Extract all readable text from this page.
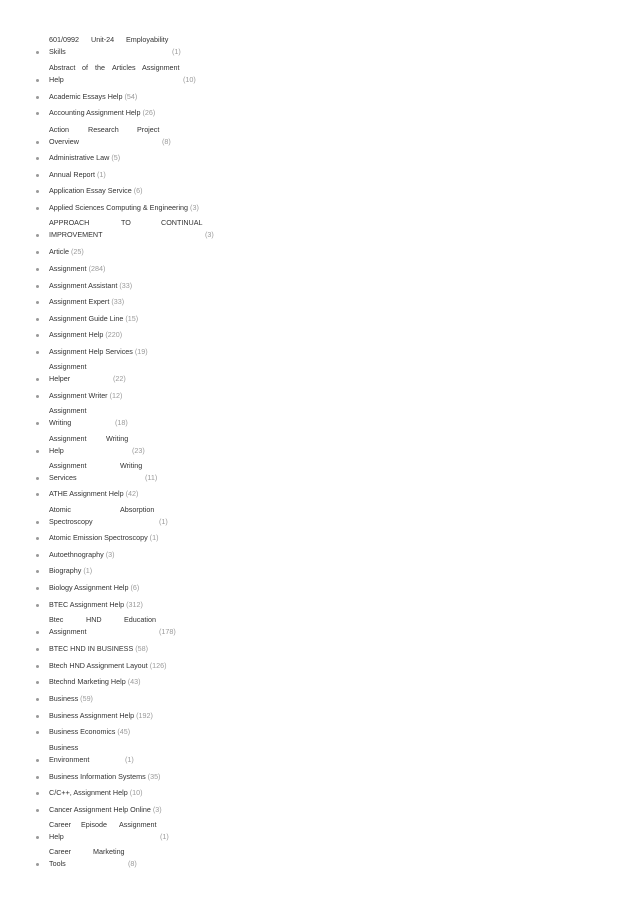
601/0992 Unit-24 Employability
Skills	(1)
Abstract of the Articles Assignment
Help	(10)
Academic Essays Help (54)
Accounting Assignment Help (26)
Action	Research	Project
Overview	(8)
Administrative Law (5)
Annual Report (1)
Application Essay Service (6)
Applied Sciences Computing & Engineering (3)
APPROACH	TO	CONTINUAL
IMPROVEMENT	(3)
Article (25)
Assignment (284)
Assignment Assistant (33)
Assignment Expert (33)
Assignment Guide Line (15)
Assignment Help (220)
Assignment Help Services (19)
Assignment
Helper	(22)
Assignment Writer (12)
Assignment
Writing	(18)
Assignment	Writing
Help	(23)
Assignment	Writing
Services	(11)
ATHE Assignment Help (42)
Atomic	Absorption
Spectroscopy	(1)
Atomic Emission Spectroscopy (1)
Autoethnography (3)
Biography (1)
Biology Assignment Help (6)
BTEC Assignment Help (312)
Btec	HND	Education
Assignment	(178)
BTEC HND IN BUSINESS (58)
Btech HND Assignment Layout (126)
Btechnd Marketing Help (43)
Business (59)
Business Assignment Help (192)
Business Economics (45)
Business
Environment	(1)
Business Information Systems (35)
C/C++, Assignment Help (10)
Cancer Assignment Help Online (3)
Career Episode Assignment
Help	(1)
Career	Marketing
Tools	(8)
